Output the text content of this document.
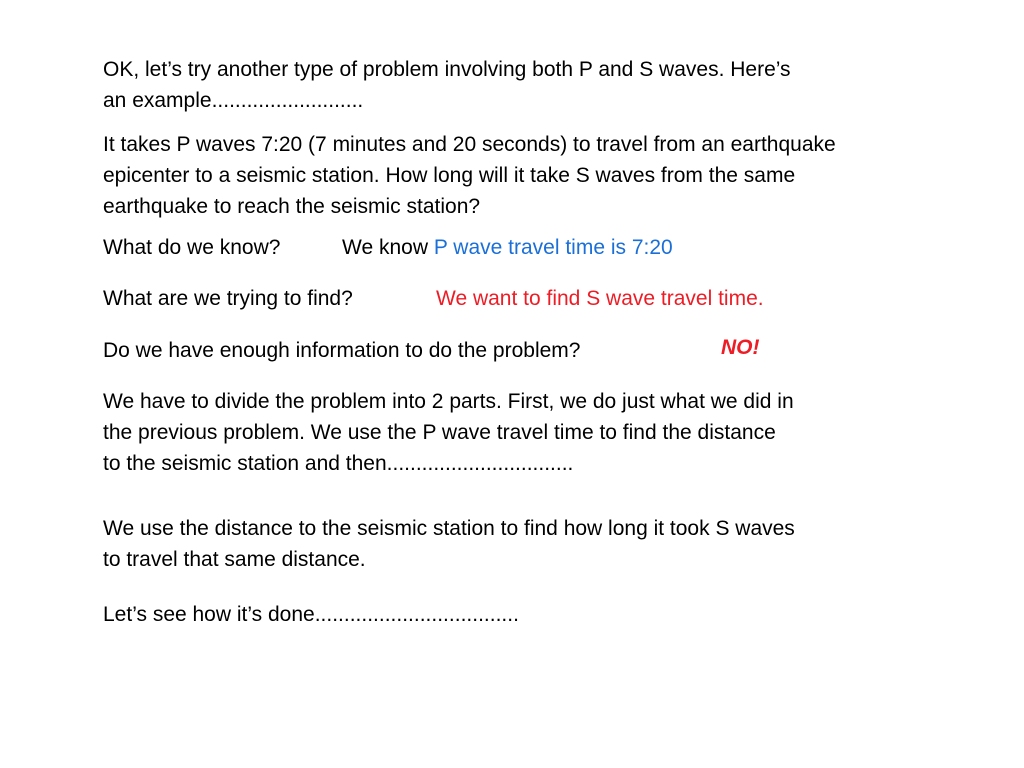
OK, let’s try another type of problem involving both P and S waves. Here’s
an example..........................

It takes P waves 7:20 (7 minutes and 20 seconds) to travel from an earthquake
epicenter to a seismic station. How long will it take S waves from the same
earthquake to reach the seismic station?

What do we know?	We know P wave travel time is 7:20
What are we trying to find?	We want to find S wave travel time.
Do we have enough information to do the problem?	NO!

We have to divide the problem into 2 parts. First, we do just what we did in
the previous problem. We use the P wave travel time to find the distance
to the seismic station and then................................

We use the distance to the seismic station to find how long it took S waves
to travel that same distance.

Let’s see how it’s done...................................
